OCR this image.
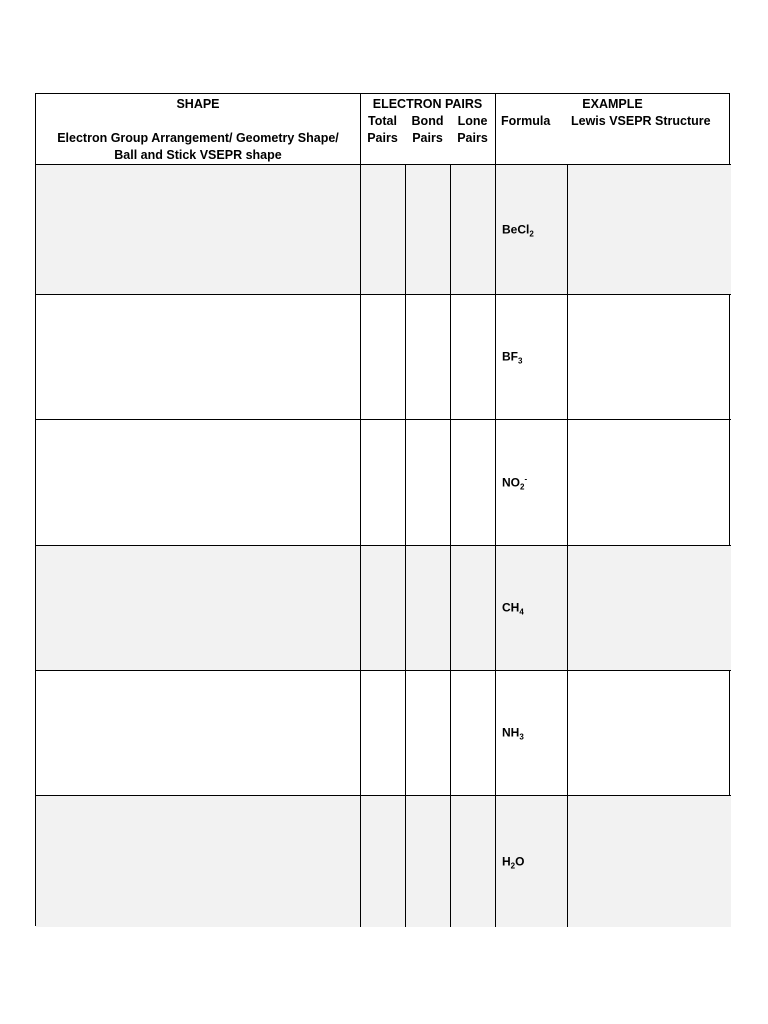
SHAPE
Electron Group Arrangement/ Geometry Shape/
Ball and Stick VSEPR shape
ELECTRON PAIRS
Total
Pairs
Bond
Pairs
Lone
Pairs
EXAMPLE
Formula Lewis VSEPR Structure
BeCl$_2$
$BF_3$
$NO_2^-$
$CH_4$
$NH_3$
$H_2O$
